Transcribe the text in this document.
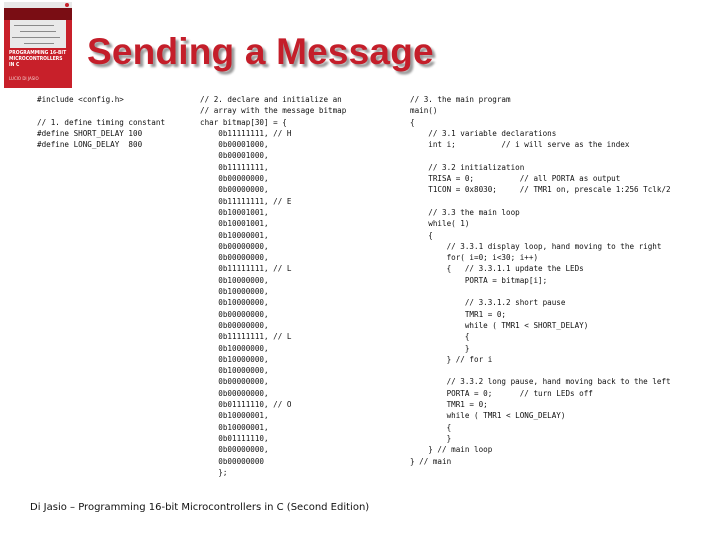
PROGRAMMING 16-BIT MICROCONTROLLERS IN C
LUCIO DI JASIO
Sending a Message
#include <config.h>

// 1. define timing constant
#define SHORT_DELAY 100
#define LONG_DELAY  800
// 2. declare and initialize an
// array with the message bitmap
char bitmap[30] = {
0b11111111, // H
0b00001000,
0b00001000,
0b11111111,
0b00000000,
0b00000000,
0b11111111, // E
0b10001001,
0b10001001,
0b10000001,
0b00000000,
0b00000000,
0b11111111, // L
0b10000000,
0b10000000,
0b10000000,
0b00000000,
0b00000000,
0b11111111, // L
0b10000000,
0b10000000,
0b10000000,
0b00000000,
0b00000000,
0b01111110, // O
0b10000001,
0b10000001,
0b01111110,
0b00000000,
0b00000000
};
// 3. the main program
main()
{
// 3.1 variable declarations
int i;          // i will serve as the index

// 3.2 initialization
TRISA = 0;          // all PORTA as output
T1CON = 0x8030;     // TMR1 on, prescale 1:256 Tclk/2

// 3.3 the main loop
while( 1)
{
// 3.3.1 display loop, hand moving to the right
for( i=0; i<30; i++)
{   // 3.3.1.1 update the LEDs
PORTA = bitmap[i];

// 3.3.1.2 short pause
TMR1 = 0;
while ( TMR1 < SHORT_DELAY)
{
}
} // for i

// 3.3.2 long pause, hand moving back to the left
PORTA = 0;      // turn LEDs off
TMR1 = 0;
while ( TMR1 < LONG_DELAY)
{
}
} // main loop
} // main

Di Jasio – Programming 16-bit Microcontrollers in C (Second Edition)
